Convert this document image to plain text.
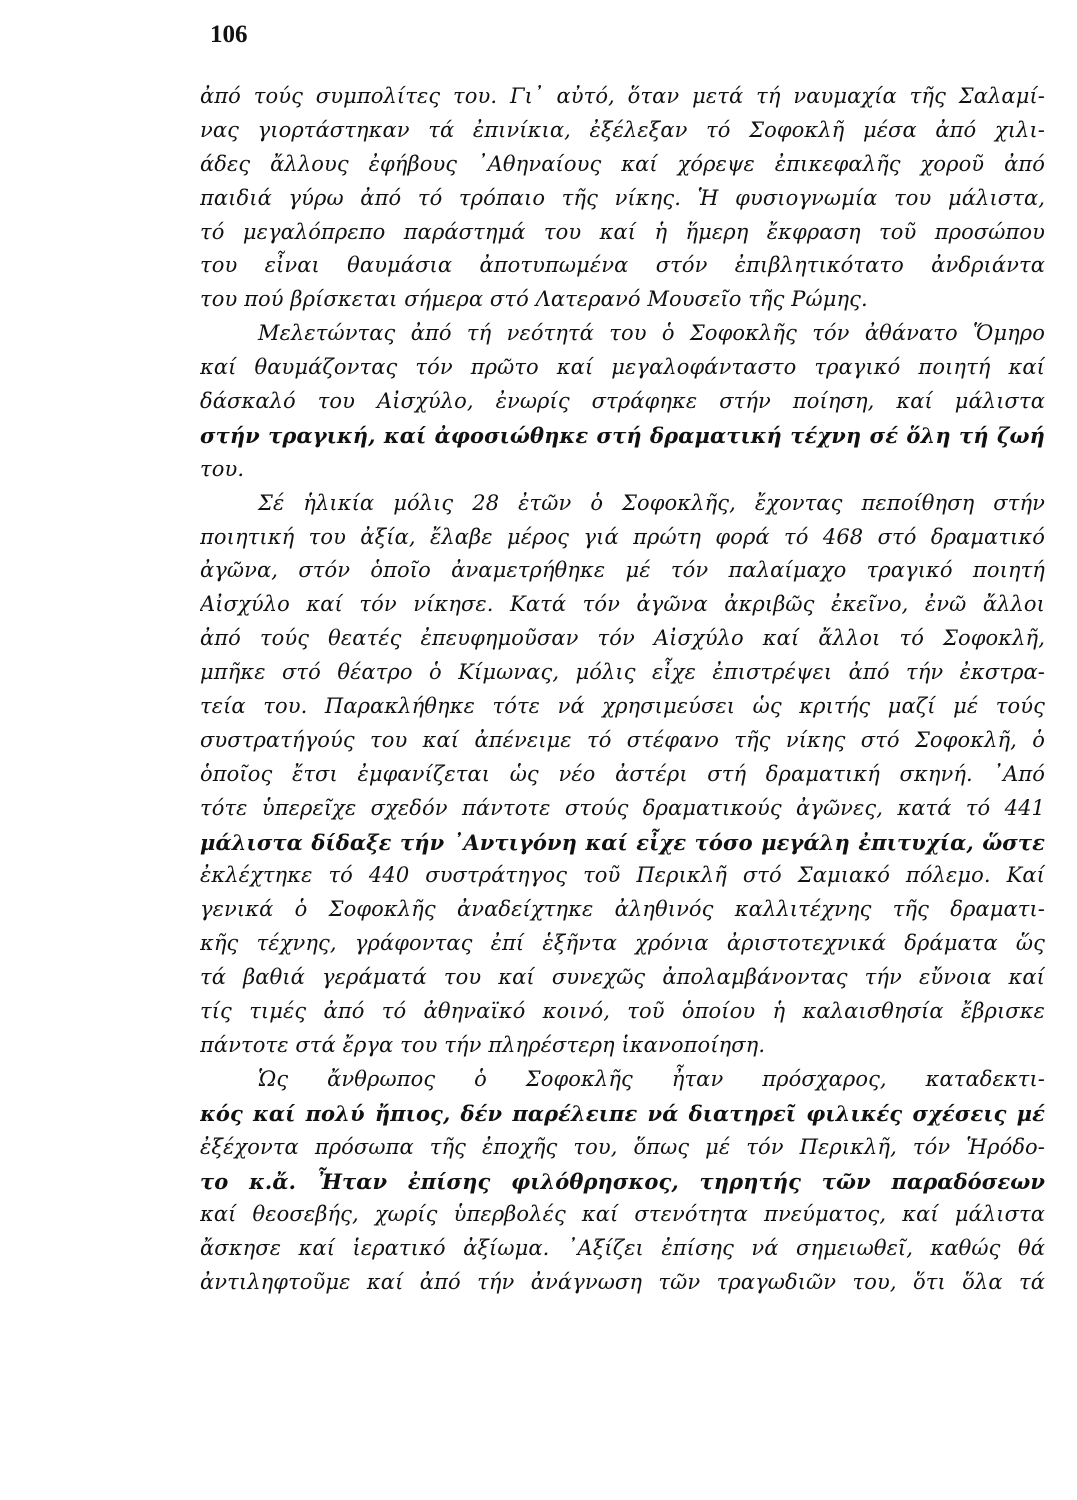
106
ἀπό τούς συμπολίτες του. Γι᾽ αὐτό, ὅταν μετά τή ναυμαχία τῆς Σαλαμί-
νας γιορτάστηκαν τά ἐπινίκια, ἐξέλεξαν τό Σοφοκλῆ μέσα ἀπό χιλι-
άδες ἄλλους ἐφήβους ᾽Αθηναίους καί χόρεψε ἐπικεφαλῆς χοροῦ ἀπό
παιδιά γύρω ἀπό τό τρόπαιο τῆς νίκης. Ἡ φυσιογνωμία του μάλιστα,
τό μεγαλόπρεπο παράστημά του καί ἡ ἥμερη ἔκφραση τοῦ προσώπου
του εἶναι θαυμάσια ἀποτυπωμένα στόν ἐπιβλητικότατο ἀνδριάντα
του πού βρίσκεται σήμερα στό Λατερανό Μουσεῖο τῆς Ρώμης.
Μελετώντας ἀπό τή νεότητά του ὁ Σοφοκλῆς τόν ἀθάνατο Ὅμηρο
καί θαυμάζοντας τόν πρῶτο καί μεγαλοφάνταστο τραγικό ποιητή καί
δάσκαλό του Αἰσχύλο, ἐνωρίς στράφηκε στήν ποίηση, καί μάλιστα
στήν τραγική, καί ἀφοσιώθηκε στή δραματική τέχνη σέ ὅλη τή ζωή
του.
Σέ ἡλικία μόλις 28 ἐτῶν ὁ Σοφοκλῆς, ἔχοντας πεποίθηση στήν
ποιητική του ἀξία, ἔλαβε μέρος γιά πρώτη φορά τό 468 στό δραματικό
ἀγῶνα, στόν ὁποῖο ἀναμετρήθηκε μέ τόν παλαίμαχο τραγικό ποιητή
Αἰσχύλο καί τόν νίκησε. Κατά τόν ἀγῶνα ἀκριβῶς ἐκεῖνο, ἐνῶ ἄλλοι
ἀπό τούς θεατές ἐπευφημοῦσαν τόν Αἰσχύλο καί ἄλλοι τό Σοφοκλῆ,
μπῆκε στό θέατρο ὁ Κίμωνας, μόλις εἶχε ἐπιστρέψει ἀπό τήν ἐκστρα-
τεία του. Παρακλήθηκε τότε νά χρησιμεύσει ὡς κριτής μαζί μέ τούς
συστρατήγούς του καί ἀπένειμε τό στέφανο τῆς νίκης στό Σοφοκλῆ, ὁ
ὁποῖος ἔτσι ἐμφανίζεται ὡς νέο ἀστέρι στή δραματική σκηνή. ᾽Από
τότε ὑπερεῖχε σχεδόν πάντοτε στούς δραματικούς ἀγῶνες, κατά τό 441
μάλιστα δίδαξε τήν ᾽Αντιγόνη καί εἶχε τόσο μεγάλη ἐπιτυχία, ὥστε
ἐκλέχτηκε τό 440 συστράτηγος τοῦ Περικλῆ στό Σαμιακό πόλεμο. Καί
γενικά ὁ Σοφοκλῆς ἀναδείχτηκε ἀληθινός καλλιτέχνης τῆς δραματι-
κῆς τέχνης, γράφοντας ἐπί ἑξῆντα χρόνια ἀριστοτεχνικά δράματα ὥς
τά βαθιά γεράματά του καί συνεχῶς ἀπολαμβάνοντας τήν εὔνοια καί
τίς τιμές ἀπό τό ἀθηναϊκό κοινό, τοῦ ὁποίου ἡ καλαισθησία ἔβρισκε
πάντοτε στά ἔργα του τήν πληρέστερη ἱκανοποίηση.
Ὡς ἄνθρωπος ὁ Σοφοκλῆς ἦταν πρόσχαρος, καταδεκτι-
κός καί πολύ ἤπιος, δέν παρέλειπε νά διατηρεῖ φιλικές σχέσεις μέ
ἐξέχοντα πρόσωπα τῆς ἐποχῆς του, ὅπως μέ τόν Περικλῆ, τόν Ἡρόδο-
το κ.ἄ. Ἦταν ἐπίσης φιλόθρησκος, τηρητής τῶν παραδόσεων
καί θεοσεβής, χωρίς ὑπερβολές καί στενότητα πνεύματος, καί μάλιστα
ἄσκησε καί ἱερατικό ἀξίωμα. ᾽Αξίζει ἐπίσης νά σημειωθεῖ, καθώς θά
ἀντιληφτοῦμε καί ἀπό τήν ἀνάγνωση τῶν τραγωδιῶν του, ὅτι ὅλα τά
